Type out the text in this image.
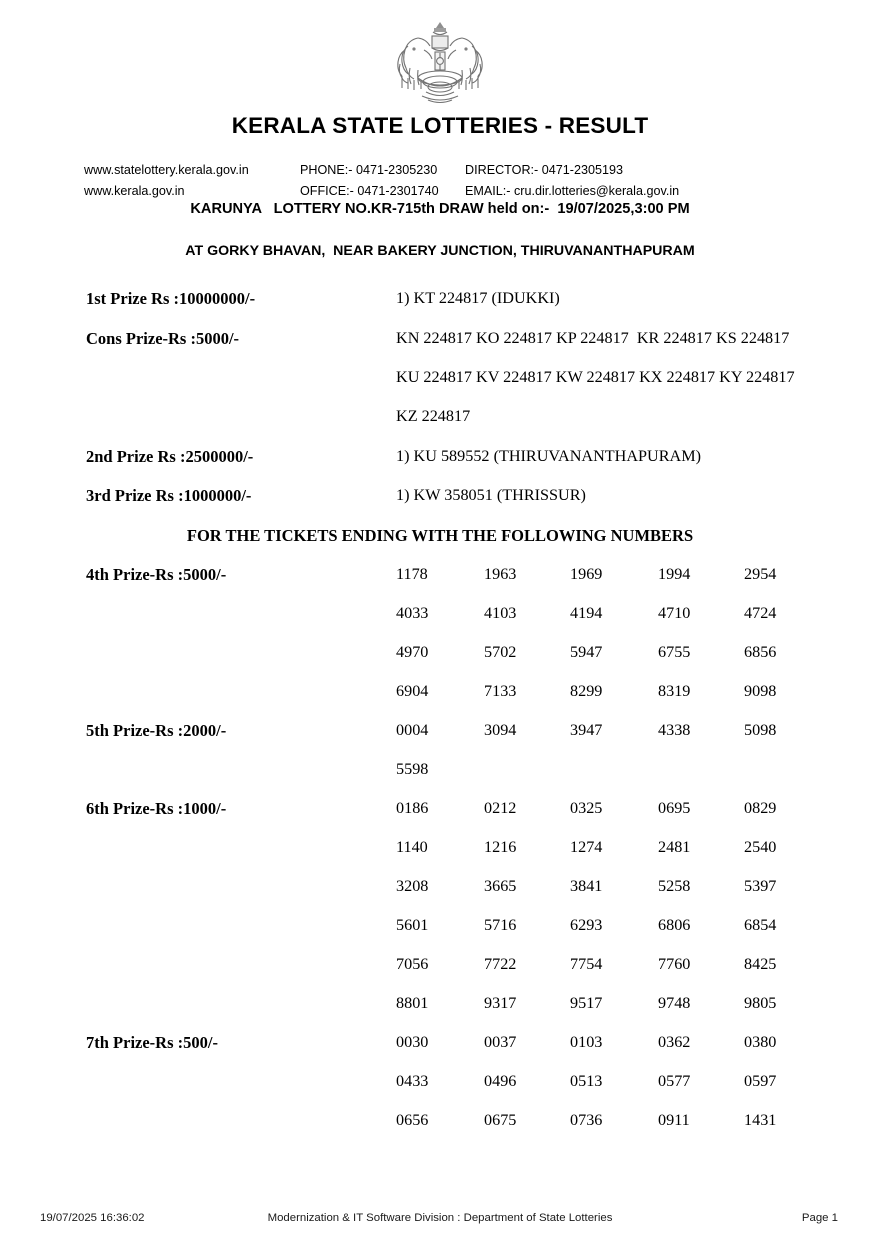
KERALA STATE LOTTERIES - RESULT
www.statelottery.kerala.gov.in	PHONE:- 0471-2305230 DIRECTOR:- 0471-2305193
www.kerala.gov.in	OFFICE:- 0471-2301740 EMAIL:- cru.dir.lotteries@kerala.gov.in
KARUNYA   LOTTERY NO.KR-715th DRAW held on:-  19/07/2025,3:00 PM
AT GORKY BHAVAN,  NEAR BAKERY JUNCTION, THIRUVANANTHAPURAM
1st Prize Rs :10000000/-	1) KT 224817 (IDUKKI)
Cons Prize-Rs :5000/-	KN 224817 KO 224817 KP 224817  KR 224817 KS 224817
KU 224817 KV 224817 KW 224817 KX 224817 KY 224817
KZ 224817
2nd Prize Rs :2500000/-	1) KU 589552 (THIRUVANANTHAPURAM)
3rd Prize Rs :1000000/-	1) KW 358051 (THRISSUR)
FOR THE TICKETS ENDING WITH THE FOLLOWING NUMBERS
4th Prize-Rs :5000/-	1178	1963	1969	1994	2954
4033	4103	4194	4710	4724
4970	5702	5947	6755	6856
6904	7133	8299	8319	9098
5th Prize-Rs :2000/-	0004	3094	3947	4338	5098
5598
6th Prize-Rs :1000/-	0186	0212	0325	0695	0829
1140	1216	1274	2481	2540
3208	3665	3841	5258	5397
5601	5716	6293	6806	6854
7056	7722	7754	7760	8425
8801	9317	9517	9748	9805
7th Prize-Rs :500/-	0030	0037	0103	0362	0380
0433	0496	0513	0577	0597
0656	0675	0736	0911	1431
19/07/2025 16:36:02	Modernization & IT Software Division : Department of State Lotteries	Page 1
